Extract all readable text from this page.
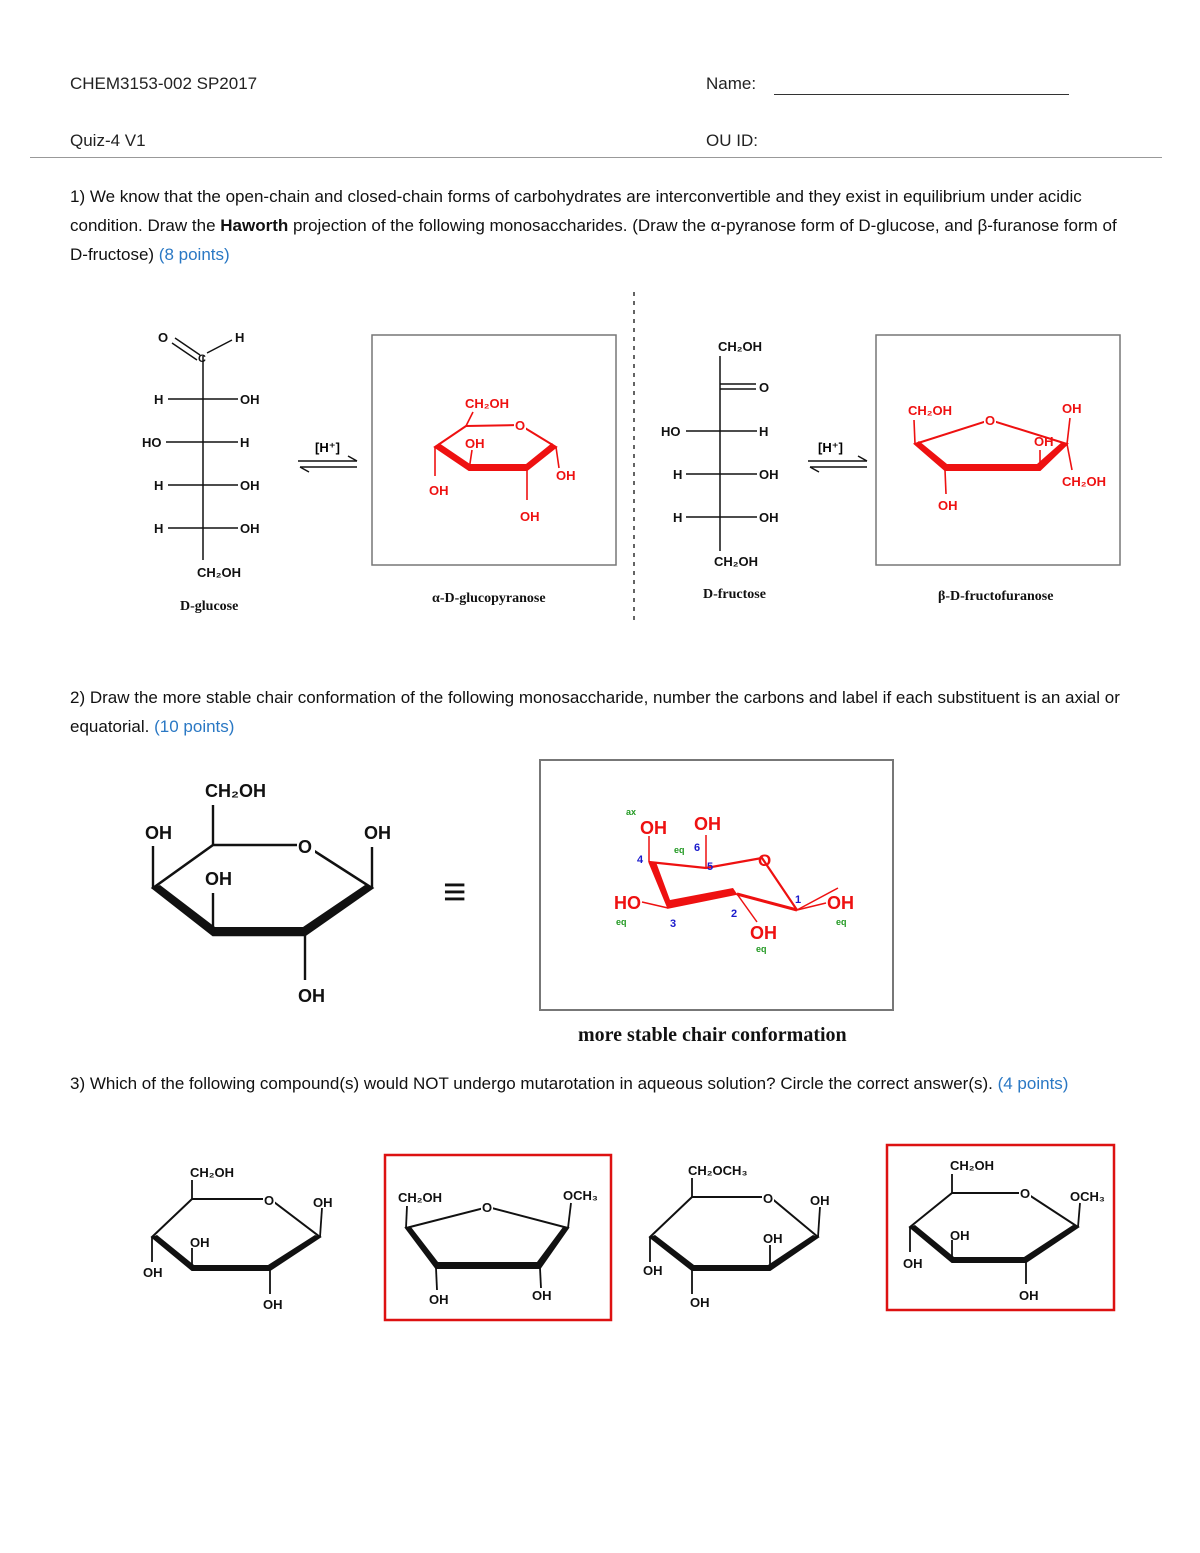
CHEM3153-002 SP2017	Name:
Quiz-4 V1	OU ID:
1) We know that the open-chain and closed-chain forms of carbohydrates are interconvertible and they exist in equilibrium under acidic condition. Draw the Haworth projection of the following monosaccharides. (Draw the α-pyranose form of D-glucose, and β-furanose form of D-fructose) (8 points)
O
C
H
H	OH
HO	H
H	OH
H	OH
CH₂OH
D-glucose
[H⁺]
O
CH₂OH
OH
OH
OH
OH
α-D-glucopyranose
CH₂OH
O
HO	H
H	OH
H	OH
CH₂OH
D-fructose
[H⁺]
O
CH₂OH	OH
OH
CH₂OH
OH
β-D-fructofuranose
O
CH₂OH
OH	OH
OH
OH
≡
O
OH OH
HO
OH
OH
1
2
3
4
5
6
ax
eq
eq
eq
eq
more stable chair conformation
O
CH₂OH
OH
OH
OH
OH
O
CH₂OH	OCH₃
OH	OH
O
CH₂OCH₃
OH
OH
OH
OH
O
CH₂OH
OCH₃
OH
OH
OH
2) Draw the more stable chair conformation of the following monosaccharide, number the carbons and label if each substituent is an axial or equatorial. (10 points)
3) Which of the following compound(s) would NOT undergo mutarotation in aqueous solution? Circle the correct answer(s). (4 points)
